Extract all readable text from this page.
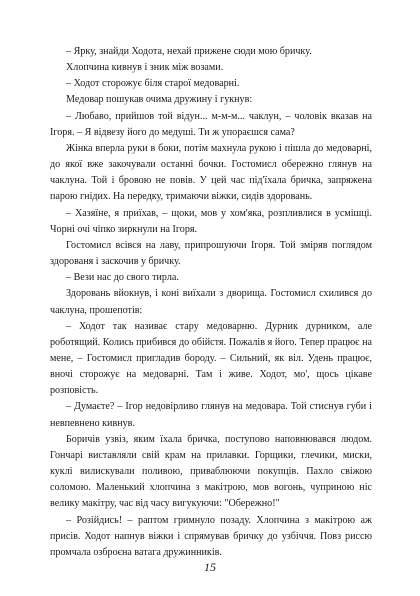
– Ярку, знайди Ходота, нехай прижене сюди мою бричку.

Хлопчина кивнув і зник між возами.

– Ходот сторожує біля старої медоварні.

Медовар пошукав очима дружину і гукнув:

– Любаво, прийшов той відун... м-м-м... чаклун, – чоловік вказав на Ігоря. – Я відвезу його до медуші. Ти ж упораєшся сама?

Жінка вперла руки в боки, потім махнула рукою і пішла до медоварні, до якої вже закочували останні бочки. Гостомисл обережно глянув на чаклуна. Той і бровою не повів. У цей час під'їхала бричка, запряжена парою гнідих. На передку, тримаючи віжки, сидів здоровань.

– Хазяїне, я приїхав, – щоки, мов у хом'яка, розпливлися в усмішці. Чорні очі чіпко зиркнули на Ігоря.

Гостомисл всівся на лаву, припрошуючи Ігоря. Той зміряв поглядом здорованя і заскочив у бричку.

– Вези нас до свого тирла.

Здоровань вйокнув, і коні виїхали з дворища. Гостомисл схилився до чаклуна, прошепотів:

– Ходот так називає стару медоварню. Дурник дурником, але роботящий. Колись прибився до обійстя. Пожалів я його. Тепер працює на мене, – Гостомисл пригладив бороду. – Сильний, як віл. Удень працює, вночі сторожує на медоварні. Там і живе. Ходот, мо', щось цікаве розповість.

– Думаєте? – Ігор недовірливо глянув на медовара. Той стиснув губи і невпевнено кивнув.

Боричів узвіз, яким їхала бричка, поступово наповнювався людом. Гончарі виставляли свій крам на прилавки. Горщики, глечики, миски, куклі вилискували поливою, приваблюючи покупців. Пахло свіжою соломою. Маленький хлопчина з макітрою, мов вогонь, чуприною ніс велику макітру, час від часу вигукуючи: "Обережно!"

– Розійдись! – раптом гримнуло позаду. Хлопчина з макітрою аж присів. Ходот напнув віжки і спрямував бричку до узбіччя. Повз риссю промчала озброєна ватага дружинників.

15
